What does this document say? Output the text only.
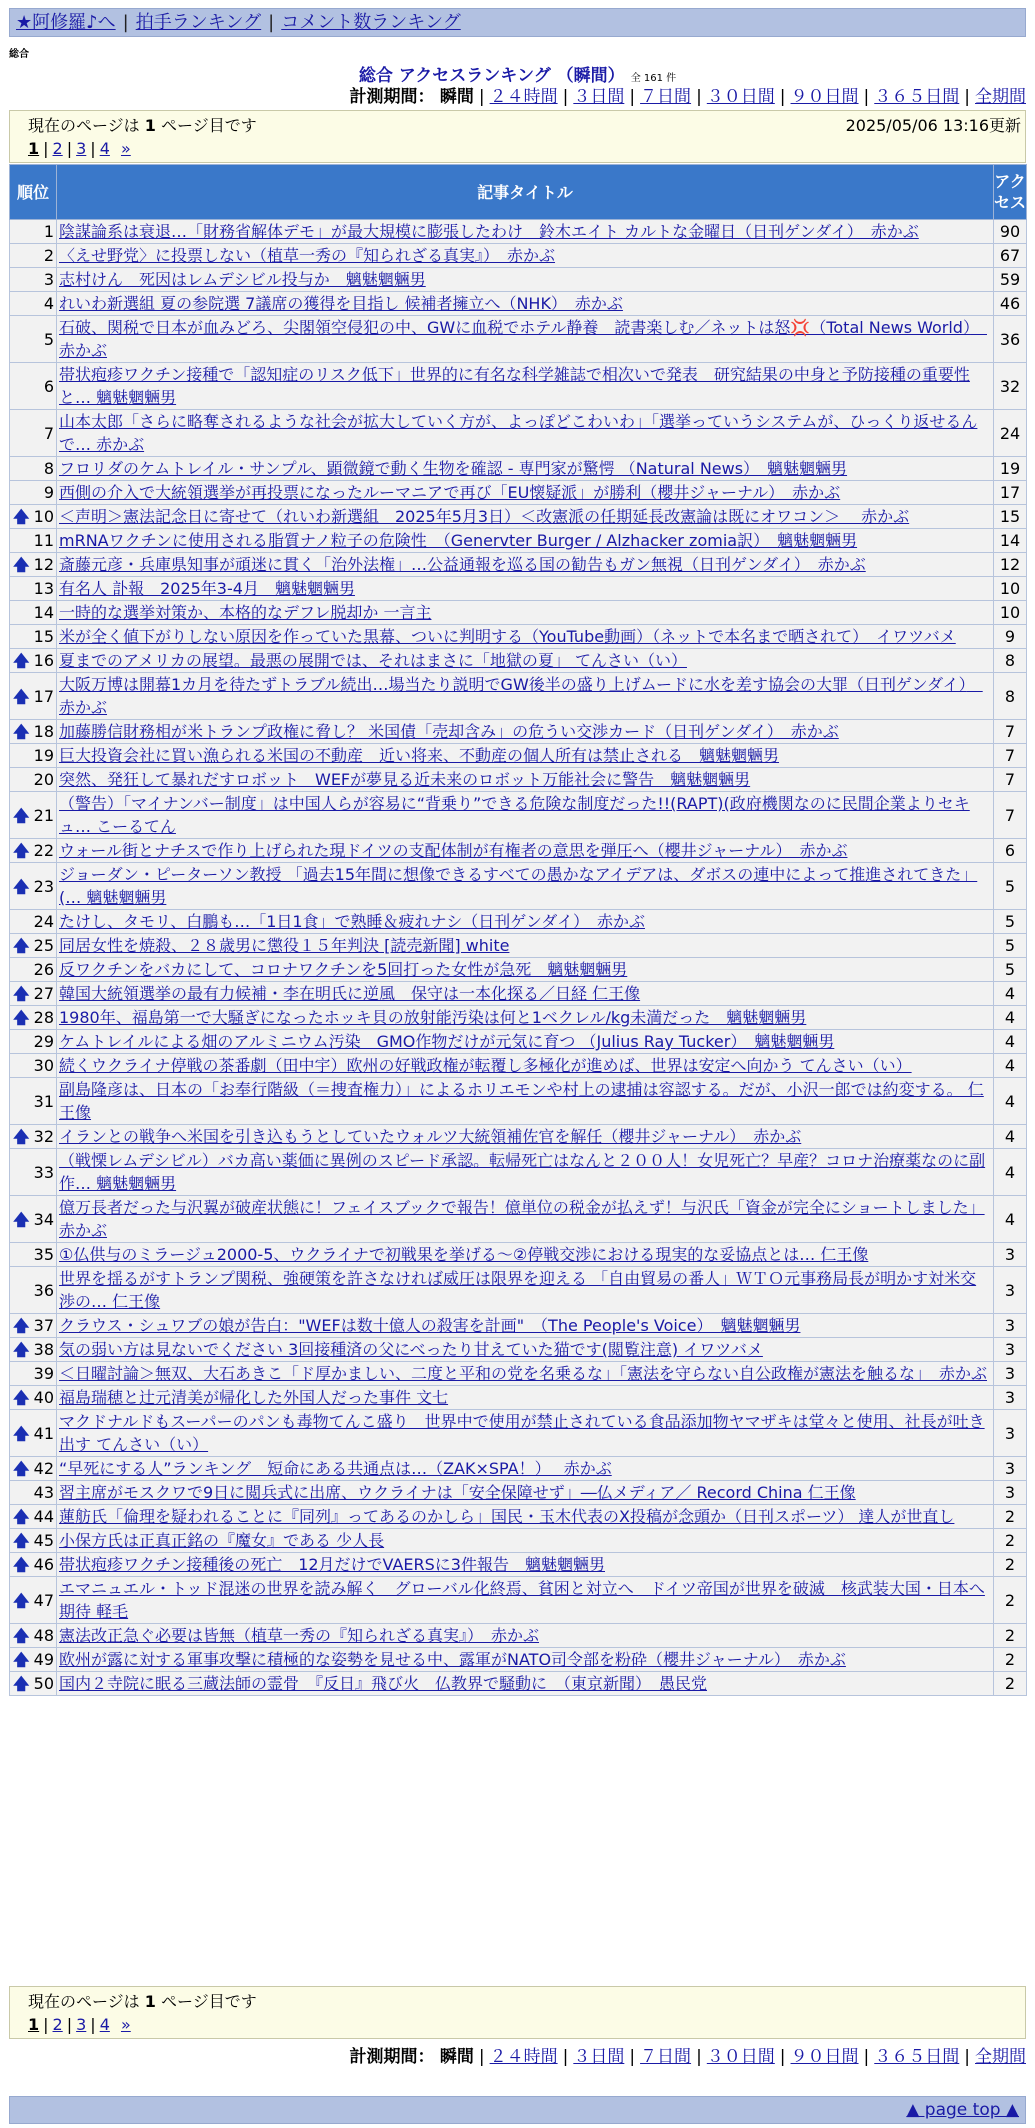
★阿修羅♪へ | 拍手ランキング | コメント数ランキング
総合
総合 アクセスランキング （瞬間） 全 161 件
計測期間： 瞬間 | ２４時間 | ３日間 | ７日間 | ３０日間 | ９０日間 | ３６５日間 | 全期間
現在のページは 1 ページ目です	2025/05/06 13:16更新
1 | 2 | 3 | 4 »
順位	記事タイトル	アクセス
1	陰謀論系は衰退…「財務省解体デモ」が最大規模に膨張したわけ　鈴木エイト カルトな金曜日（日刊ゲンダイ）　赤かぶ	90
2	〈えせ野党〉に投票しない（植草一秀の『知られざる真実』）　赤かぶ	67
3	志村けん　死因はレムデシビル投与か　魑魅魍魎男	59
4	れいわ新選組 夏の参院選 7議席の獲得を目指し 候補者擁立へ（NHK）　赤かぶ	46
5	石破、関税で日本が血みどろ、尖閣領空侵犯の中、GWに血税でホテル静養　読書楽しむ／ネットは怒💢（Total News World）　赤かぶ	36
6	帯状疱疹ワクチン接種で「認知症のリスク低下」世界的に有名な科学雑誌で相次いで発表　研究結果の中身と予防接種の重要性と… 魑魅魍魎男	32
7	山本太郎「さらに略奪されるような社会が拡大していく方が、よっぽどこわいわ」「選挙っていうシステムが、ひっくり返せるんで… 赤かぶ	24
8	フロリダのケムトレイル・サンプル、顕微鏡で動く生物を確認 - 専門家が驚愕 （Natural News）　魑魅魍魎男	19
9	西側の介入で大統領選挙が再投票になったルーマニアで再び「EU懐疑派」が勝利（櫻井ジャーナル）　赤かぶ	17

🡅 10	＜声明＞憲法記念日に寄せて（れいわ新選組　2025年5月3日）＜改憲派の任期延長改憲論は既にオワコン＞　 赤かぶ	15
11	mRNAワクチンに使用される脂質ナノ粒子の危険性　（Genervter Burger / Alzhacker zomia訳）　魑魅魍魎男	14

🡅 12	斎藤元彦・兵庫県知事が頑迷に貫く「治外法権」…公益通報を巡る国の勧告もガン無視（日刊ゲンダイ）　赤かぶ	12
13	有名人 訃報　2025年3-4月　魑魅魍魎男	10
14	一時的な選挙対策か、本格的なデフレ脱却か 一言主	10
15	米が全く値下がりしない原因を作っていた黒幕、ついに判明する（YouTube動画）（ネットで本名まで晒されて）　イワツバメ	9

🡅 16	夏までのアメリカの展望。最悪の展開では、それはまさに「地獄の夏」 てんさい（い）	8

🡅 17	大阪万博は開幕1カ月を待たずトラブル続出…場当たり説明でGW後半の盛り上げムードに水を差す協会の大罪（日刊ゲンダイ）　赤かぶ	8

🡅 18	加藤勝信財務相が米トランプ政権に脅し？ 米国債「売却含み」の危うい交渉カード（日刊ゲンダイ）　赤かぶ	7
19	巨大投資会社に買い漁られる米国の不動産　近い将来、不動産の個人所有は禁止される　魑魅魍魎男	7
20	突然、発狂して暴れだすロボット　WEFが夢見る近未来のロボット万能社会に警告　魑魅魍魎男	7

🡅 21	（警告）「マイナンバー制度」は中国人らが容易に“背乗り”できる危険な制度だった!!(RAPT)(政府機関なのに民間企業よりセキュ… こーるてん	7

🡅 22	ウォール街とナチスで作り上げられた現ドイツの支配体制が有権者の意思を弾圧へ（櫻井ジャーナル）　赤かぶ	6

🡅 23	ジョーダン・ピーターソン教授 「過去15年間に想像できるすべての愚かなアイデアは、ダボスの連中によって推進されてきた」(… 魑魅魍魎男	5
24	たけし、タモリ、白鵬も…「1日1食」で熟睡＆疲れナシ（日刊ゲンダイ）　赤かぶ	5

🡅 25	同居女性を焼殺、２８歳男に懲役１５年判決 [読売新聞] white	5
26	反ワクチンをバカにして、コロナワクチンを5回打った女性が急死　魑魅魍魎男	5

🡅 27	韓国大統領選挙の最有力候補・李在明氏に逆風　保守は一本化探る／日経 仁王像	4

🡅 28	1980年、福島第一で大騒ぎになったホッキ貝の放射能汚染は何と1ベクレル/kg未満だった　魑魅魍魎男	4
29	ケムトレイルによる畑のアルミニウム汚染　GMO作物だけが元気に育つ （Julius Ray Tucker）　魑魅魍魎男	4
30	続くウクライナ停戦の茶番劇（田中宇）欧州の好戦政権が転覆し多極化が進めば、世界は安定へ向かう てんさい（い）	4
31	副島隆彦は、日本の「お奉行階級（＝捜査権力）」によるホリエモンや村上の逮捕は容認する。だが、小沢一郎では約変する。 仁王像	4

🡅 32	イランとの戦争へ米国を引き込もうとしていたウォルツ大統領補佐官を解任（櫻井ジャーナル）　赤かぶ	4
33	（戦慄レムデシビル）バカ高い薬価に異例のスピード承認。転帰死亡はなんと２００人！女児死亡？早産？コロナ治療薬なのに副作… 魑魅魍魎男	4

🡅 34	億万長者だった与沢翼が破産状態に！フェイスブックで報告！億単位の税金が払えず！与沢氏「資金が完全にショートしました」 赤かぶ	4
35	①仏供与のミラージュ2000-5、ウクライナで初戦果を挙げる～②停戦交渉における現実的な妥協点とは… 仁王像	3
36	世界を揺るがすトランプ関税、強硬策を許さなければ威圧は限界を迎える 「自由貿易の番人」ＷＴＯ元事務局長が明かす対米交渉の… 仁王像	3

🡅 37	クラウス・シュワブの娘が告白："WEFは数十億人の殺害を計画"　（The People's Voice）　魑魅魍魎男	3

🡅 38	気の弱い方は見ないでください 3回接種済の父にべったり甘えていた猫です(閲覧注意) イワツバメ	3
39	＜日曜討論＞無双、大石あきこ「ド厚かましい、二度と平和の党を名乗るな」「憲法を守らない自公政権が憲法を触るな」　赤かぶ	3

🡅 40	福島瑞穂と辻元清美が帰化した外国人だった事件 文七	3

🡅 41	マクドナルドもスーパーのパンも毒物てんこ盛り　世界中で使用が禁止されている食品添加物ヤマザキは堂々と使用、社長が吐き出す てんさい（い）	3

🡅 42	“早死にする人”ランキング　短命にある共通点は…（ZAK×SPA！）　 赤かぶ	3
43	習主席がモスクワで9日に閲兵式に出席、ウクライナは「安全保障せず」―仏メディア／ Record China 仁王像	3

🡅 44	蓮舫氏「倫理を疑われることに『同列』ってあるのかしら」国民・玉木代表のX投稿が念頭か（日刊スポーツ） 達人が世直し	2

🡅 45	小保方氏は正真正銘の『魔女』である 少人長	2

🡅 46	帯状疱疹ワクチン接種後の死亡　12月だけでVAERSに3件報告　魑魅魍魎男	2

🡅 47	エマニュエル・トッド混迷の世界を読み解く　グローバル化終焉、貧困と対立へ　ドイツ帝国が世界を破滅　核武装大国・日本へ期待 軽毛	2

🡅 48	憲法改正急ぐ必要は皆無（植草一秀の『知られざる真実』）　赤かぶ	2

🡅 49	欧州が露に対する軍事攻撃に積極的な姿勢を見せる中、露軍がNATO司令部を粉砕（櫻井ジャーナル）　赤かぶ	2

🡅 50	国内２寺院に眠る三蔵法師の霊骨　『反日』飛び火　仏教界で騒動に　（東京新聞）　愚民党	2
現在のページは 1 ページ目です
1 | 2 | 3 | 4 »
計測期間： 瞬間 | ２４時間 | ３日間 | ７日間 | ３０日間 | ９０日間 | ３６５日間 | 全期間
▲ page top ▲
